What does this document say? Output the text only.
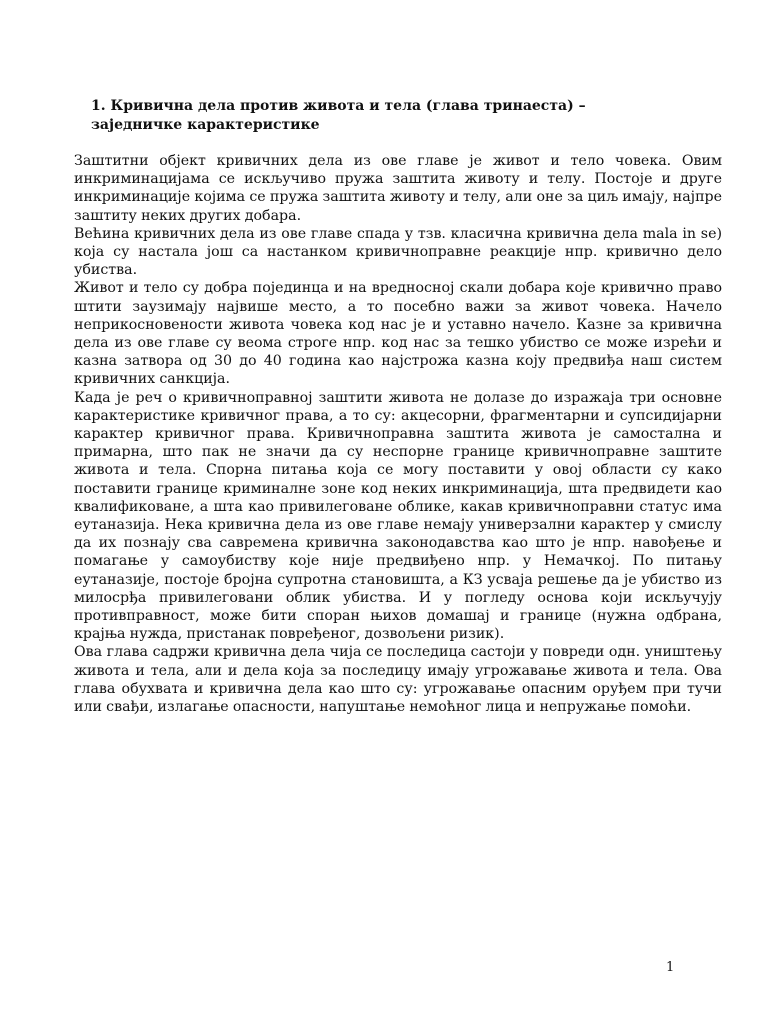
1. Кривична дела против живота и тела (глава тринаеста) –
заједничке карактеристике

Заштитни објект кривичних дела из ове главе је живот и тело човека. Овим инкриминацијама се искључиво пружа заштита животу и телу. Постоје и друге инкриминације којима се пружа заштита животу и телу, али оне за циљ имају, најпре заштиту неких других добара.

Већина кривичних дела из ове главе спада у тзв. класична кривична дела mala in se) која су настала још са настанком кривичноправне реакције нпр. кривично дело убиства.

Живот и тело су добра појединца и на вредносној скали добара које кривично право штити заузимају највише место, а то посебно важи за живот човека. Начело неприкосновености живота човека код нас је и уставно начело. Казне за кривична дела из ове главе су веома строге нпр. код нас за тешко убиство се може изрећи и казна затвора од 30 до 40 година као најстрожа казна коју предвиђа наш систем кривичних санкција.

Када је реч о кривичноправној заштити живота не долазе до изражаја три основне карактеристике кривичног права, а то су: акцесорни, фрагментарни и супсидијарни карактер кривичног права. Кривичноправна заштита живота је самостална и примарна, што пак не значи да су неспорне границе кривичноправне заштите живота и тела. Спорна питања која се могу поставити у овој области су како поставити границе криминалне зоне код неких инкриминација, шта предвидети као квалификоване, а шта као привилеговане облике, какав кривичноправни статус има еутаназија. Нека кривична дела из ове главе немају универзални карактер у смислу да их познају сва савремена кривична законодавства као што је нпр. навођење и помагање у самоубиству које није предвиђено нпр. у Немачкој. По питању еутаназије, постоје бројна супротна становишта, а КЗ усваја решење да је убиство из милосрђа привилеговани облик убиства. И у погледу основа који искључују противправност, може бити споран њихов домашај и границе (нужна одбрана, крајња нужда, пристанак повређеног, дозвољени ризик).

Ова глава садржи кривична дела чија се последица састоји у повреди одн. уништењу живота и тела, али и дела која за последицу имају угрожавање живота и тела. Ова глава обухвата и кривична дела као што су: угрожавање опасним оруђем при тучи или свађи, излагање опасности, напуштање немоћног лица и непружање помоћи.

1
